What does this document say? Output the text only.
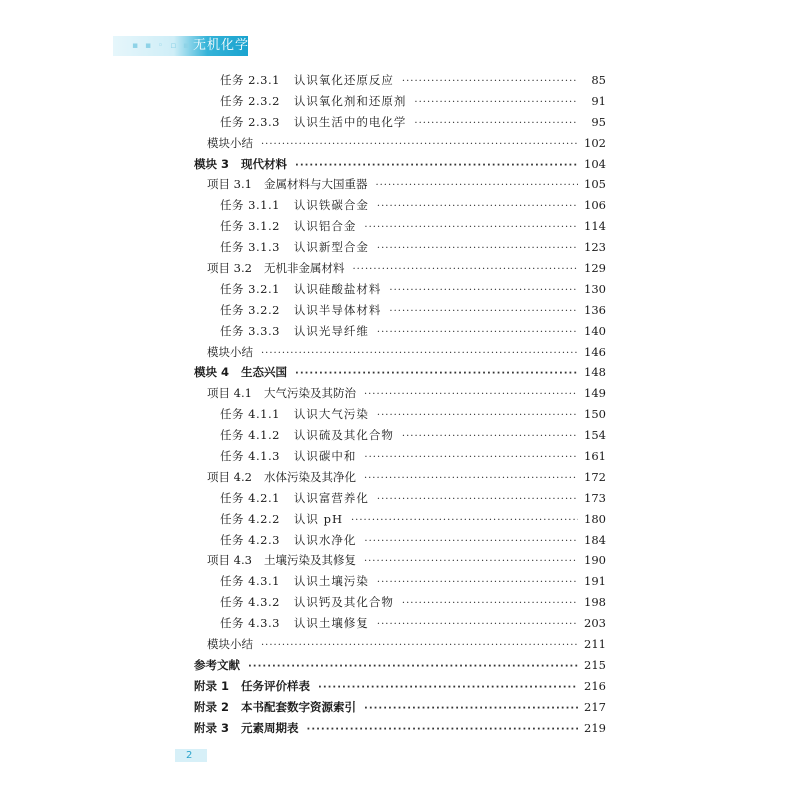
▪ ▪ ◦ ▫ ▪ 无机化学
任务 2.3.1 认识氧化还原反应 ·····	85
任务 2.3.2 认识氧化剂和还原剂 ·····	91
任务 2.3.3 认识生活中的电化学 ·····	95
模块小结 ·····	102
模块 3 现代材料 ·····	104
项目 3.1 金属材料与大国重器 ·····	105
任务 3.1.1 认识铁碳合金 ·····	106
任务 3.1.2 认识铝合金 ·····	114
任务 3.1.3 认识新型合金 ·····	123
项目 3.2 无机非金属材料 ·····	129
任务 3.2.1 认识硅酸盐材料 ·····	130
任务 3.2.2 认识半导体材料 ·····	136
任务 3.3.3 认识光导纤维 ·····	140
模块小结 ·····	146
模块 4 生态兴国 ·····	148
项目 4.1 大气污染及其防治 ·····	149
任务 4.1.1 认识大气污染 ·····	150
任务 4.1.2 认识硫及其化合物 ·····	154
任务 4.1.3 认识碳中和 ·····	161
项目 4.2 水体污染及其净化 ·····	172
任务 4.2.1 认识富营养化 ·····	173
任务 4.2.2 认识 pH ·····	180
任务 4.2.3 认识水净化 ·····	184
项目 4.3 土壤污染及其修复 ·····	190
任务 4.3.1 认识土壤污染 ·····	191
任务 4.3.2 认识钙及其化合物 ·····	198
任务 4.3.3 认识土壤修复 ·····	203
模块小结 ·····	211
参考文献 ·····	215
附录 1 任务评价样表 ·····	216
附录 2 本书配套数字资源索引 ·····	217
附录 3 元素周期表 ·····	219
2
